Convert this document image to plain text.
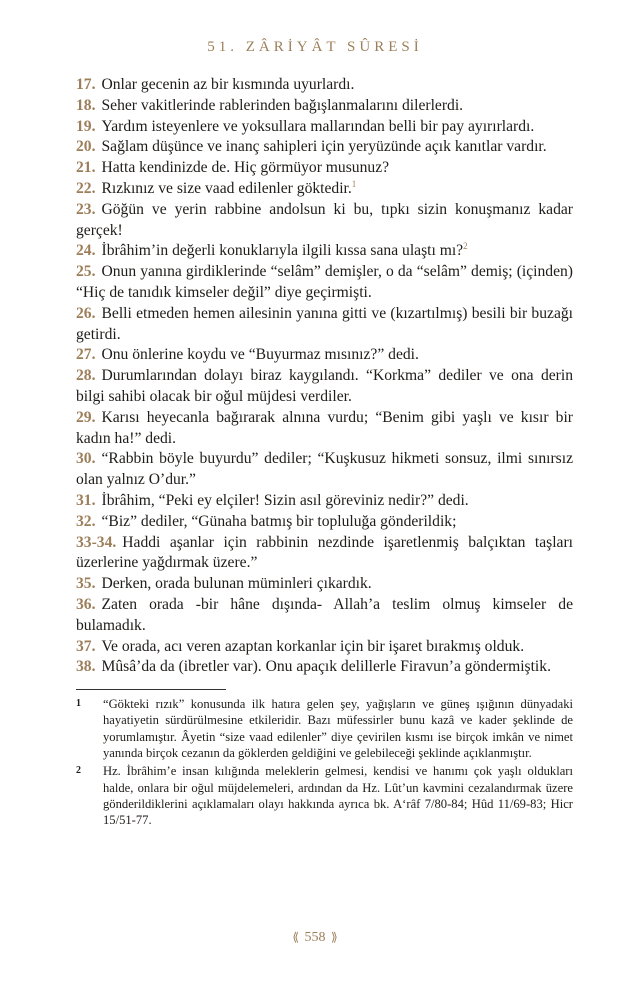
51. ZÂRİYÂT SÛRESİ

17. Onlar gecenin az bir kısmında uyurlardı.

18. Seher vakitlerinde rablerinden bağışlanmalarını dilerlerdi.

19. Yardım isteyenlere ve yoksullara mallarından belli bir pay ayırırlardı.

20. Sağlam düşünce ve inanç sahipleri için yeryüzünde açık kanıtlar vardır.

21. Hatta kendinizde de. Hiç görmüyor musunuz?

22. Rızkınız ve size vaad edilenler göktedir.$^1$

23. Göğün ve yerin rabbine andolsun ki bu, tıpkı sizin konuşmanız kadar gerçek!

24. İbrâhim’in değerli konuklarıyla ilgili kıssa sana ulaştı mı?$^2$

25. Onun yanına girdiklerinde “selâm” demişler, o da “selâm” demiş; (içinden) “Hiç de tanıdık kimseler değil” diye geçirmişti.

26. Belli etmeden hemen ailesinin yanına gitti ve (kızartılmış) besili bir buzağı getirdi.

27. Onu önlerine koydu ve “Buyurmaz mısınız?” dedi.

28. Durumlarından dolayı biraz kaygılandı. “Korkma” dediler ve ona derin bilgi sahibi olacak bir oğul müjdesi verdiler.

29. Karısı heyecanla bağırarak alnına vurdu; “Benim gibi yaşlı ve kısır bir kadın ha!” dedi.

30. “Rabbin böyle buyurdu” dediler; “Kuşkusuz hikmeti sonsuz, ilmi sınırsız olan yalnız O’dur.”

31. İbrâhim, “Peki ey elçiler! Sizin asıl göreviniz nedir?” dedi.

32. “Biz” dediler, “Günaha batmış bir topluluğa gönderildik;

33-34. Haddi aşanlar için rabbinin nezdinde işaretlenmiş balçıktan taşları üzerlerine yağdırmak üzere.”

35. Derken, orada bulunan müminleri çıkardık.

36. Zaten orada -bir hâne dışında- Allah’a teslim olmuş kimseler de bulamadık.

37. Ve orada, acı veren azaptan korkanlar için bir işaret bırakmış olduk.

38. Mûsâ’da da (ibretler var). Onu apaçık delillerle Firavun’a göndermiştik.

1	“Gökteki rızık” konusunda ilk hatıra gelen şey, yağışların ve güneş ışığının dünyadaki hayatiyetin sürdürülmesine etkileridir. Bazı müfessirler bunu kazâ ve kader şeklinde de yorumlamıştır. Âyetin “size vaad edilenler” diye çevirilen kısmı ise birçok imkân ve nimet yanında birçok cezanın da göklerden geldiğini ve gelebileceği şeklinde açıklanmıştır.
2	Hz. İbrâhim’e insan kılığında meleklerin gelmesi, kendisi ve hanımı çok yaşlı oldukları halde, onlara bir oğul müjdelemeleri, ardından da Hz. Lût’un kavmini cezalandırmak üzere gönderildiklerini açıklamaları olayı hakkında ayrıca bk. A‘râf 7/80-84; Hûd 11/69-83; Hicr 15/51-77.
⟪ 558 ⟫
